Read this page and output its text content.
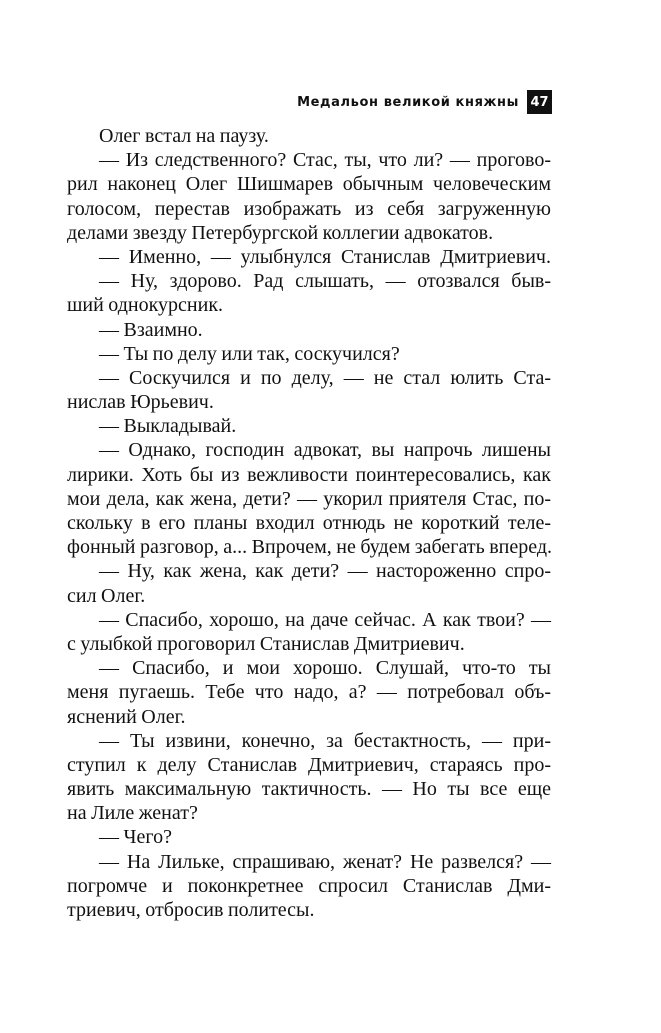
Медальон великой княжны 47
Олег встал на паузу.
— Из следственного? Стас, ты, что ли? — прогово-
рил наконец Олег Шишмарев обычным человеческим
голосом, перестав изображать из себя загруженную
делами звезду Петербургской коллегии адвокатов.
— Именно, — улыбнулся Станислав Дмитриевич.
— Ну, здорово. Рад слышать, — отозвался быв-
ший однокурсник.
— Взаимно.
— Ты по делу или так, соскучился?
— Соскучился и по делу, — не стал юлить Ста-
нислав Юрьевич.
— Выкладывай.
— Однако, господин адвокат, вы напрочь лишены
лирики. Хоть бы из вежливости поинтересовались, как
мои дела, как жена, дети? — укорил приятеля Стас, по-
скольку в его планы входил отнюдь не короткий теле-
фонный разговор, а... Впрочем, не будем забегать вперед.
— Ну, как жена, как дети? — настороженно спро-
сил Олег.
— Спасибо, хорошо, на даче сейчас. А как твои? —
с улыбкой проговорил Станислав Дмитриевич.
— Спасибо, и мои хорошо. Слушай, что-то ты
меня пугаешь. Тебе что надо, а? — потребовал объ-
яснений Олег.
— Ты извини, конечно, за бестактность, — при-
ступил к делу Станислав Дмитриевич, стараясь про-
явить максимальную тактичность. — Но ты все еще
на Лиле женат?
— Чего?
— На Лильке, спрашиваю, женат? Не развелся? —
погромче и поконкретнее спросил Станислав Дми-
триевич, отбросив политесы.
